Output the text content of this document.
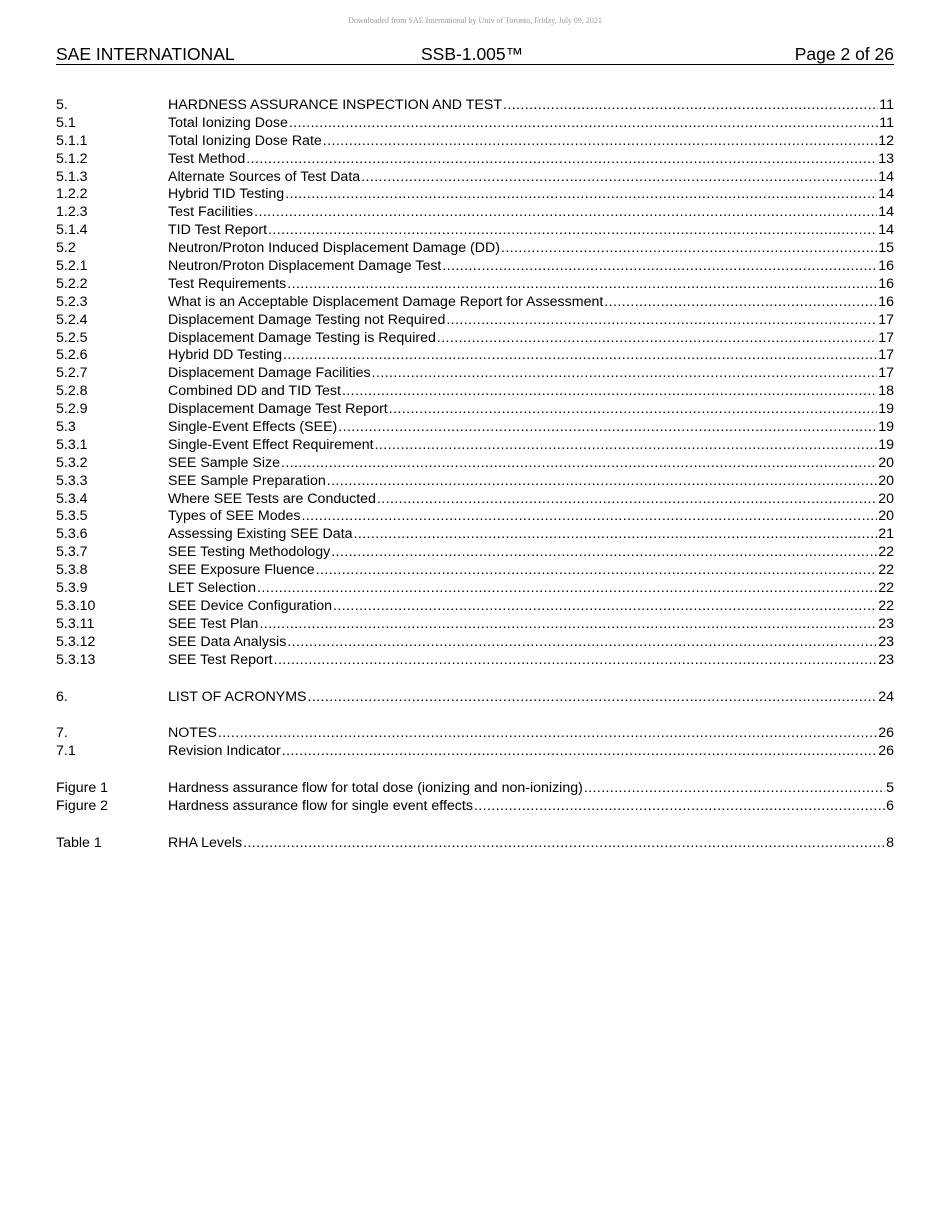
Downloaded from SAE International by Univ of Toronto, Friday, July 09, 2021
SAE INTERNATIONAL	SSB-1.005™	Page 2 of 26
5.	HARDNESS ASSURANCE INSPECTION AND TEST .....	11
5.1	Total Ionizing Dose .....	11
5.1.1	Total Ionizing Dose Rate .....	12
5.1.2	Test Method .....	13
5.1.3	Alternate Sources of Test Data .....	14
1.2.2	Hybrid TID Testing .....	14
1.2.3	Test Facilities .....	14
5.1.4	TID Test Report .....	14
5.2	Neutron/Proton Induced Displacement Damage (DD) .....	15
5.2.1	Neutron/Proton Displacement Damage Test .....	16
5.2.2	Test Requirements .....	16
5.2.3	What is an Acceptable Displacement Damage Report for Assessment .....	16
5.2.4	Displacement Damage Testing not Required .....	17
5.2.5	Displacement Damage Testing is Required .....	17
5.2.6	Hybrid DD Testing .....	17
5.2.7	Displacement Damage Facilities .....	17
5.2.8	Combined DD and TID Test .....	18
5.2.9	Displacement Damage Test Report .....	19
5.3	Single-Event Effects (SEE) .....	19
5.3.1	Single-Event Effect Requirement .....	19
5.3.2	SEE Sample Size .....	20
5.3.3	SEE Sample Preparation .....	20
5.3.4	Where SEE Tests are Conducted .....	20
5.3.5	Types of SEE Modes .....	20
5.3.6	Assessing Existing SEE Data .....	21
5.3.7	SEE Testing Methodology .....	22
5.3.8	SEE Exposure Fluence .....	22
5.3.9	LET Selection .....	22
5.3.10	SEE Device Configuration .....	22
5.3.11	SEE Test Plan .....	23
5.3.12	SEE Data Analysis .....	23
5.3.13	SEE Test Report .....	23
6.	LIST OF ACRONYMS .....	24
7.	NOTES .....	26
7.1	Revision Indicator .....	26
Figure 1	Hardness assurance flow for total dose (ionizing and non-ionizing) .....	5
Figure 2	Hardness assurance flow for single event effects .....	6
Table 1	RHA Levels .....	8
